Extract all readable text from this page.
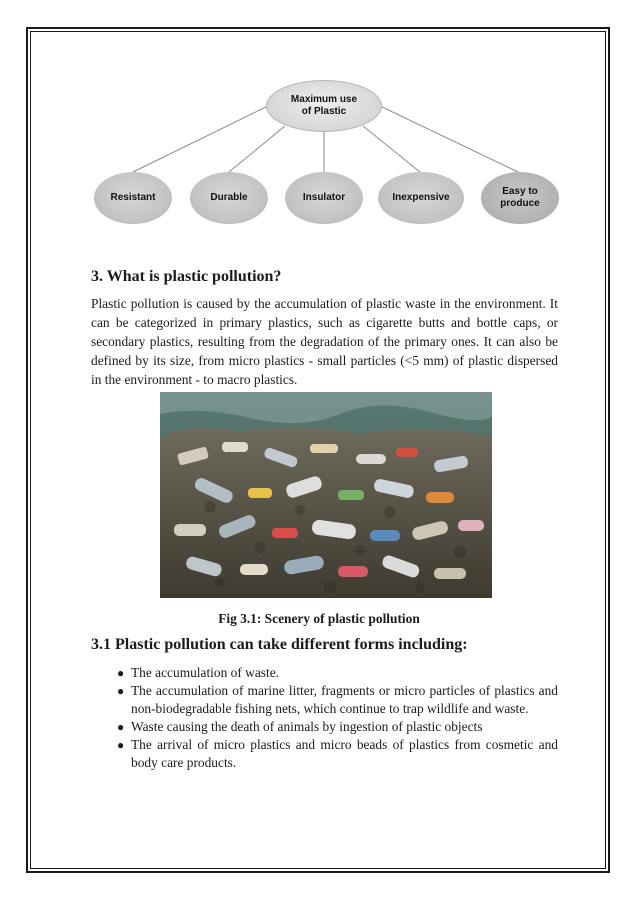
Maximum use of Plastic
Resistant	Durable	Insulator	Inexpensive
Easy to produce
3. What is plastic pollution?

Plastic pollution is caused by the accumulation of plastic waste in the environment. It can be categorized in primary plastics, such as cigarette butts and bottle caps, or secondary plastics, resulting from the degradation of the primary ones. It can also be defined by its size, from micro plastics - small particles (<5 mm) of plastic dispersed in the environment - to macro plastics.

Fig 3.1: Scenery of plastic pollution

3.1 Plastic pollution can take different forms including:
● The accumulation of waste.
● The accumulation of marine litter, fragments or micro particles of plastics and non-biodegradable fishing nets, which continue to trap wildlife and waste.
● Waste causing the death of animals by ingestion of plastic objects
● The arrival of micro plastics and micro beads of plastics from cosmetic and body care products.
